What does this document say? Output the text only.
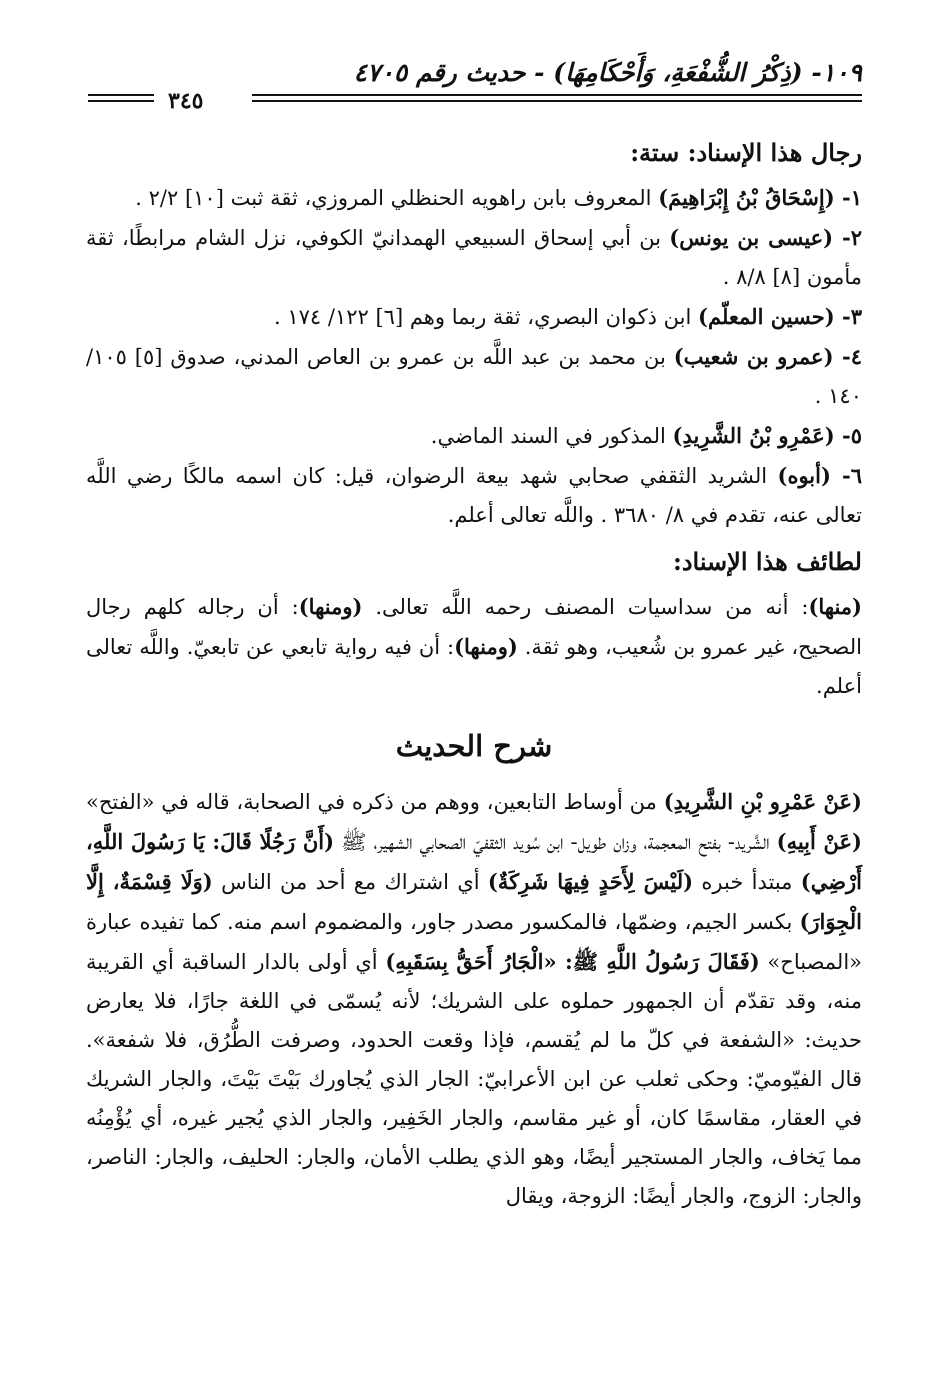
١٠٩- (ذِكْرُ الشُّفْعَةِ، وَأَحْكَامِهَا) - حديث رقم ٤٧٠٥
٣٤٥
رجال هذا الإسناد: ستة:

١- (إِسْحَاقُ بْنُ إِبْرَاهِيمَ) المعروف بابن راهويه الحنظلي المروزي، ثقة ثبت [١٠] ٢/٢ .

٢- (عيسى بن يونس) بن أبي إسحاق السبيعي الهمدانيّ الكوفي، نزل الشام مرابطًا، ثقة مأمون [٨] ٨/٨ .

٣- (حسين المعلّم) ابن ذكوان البصري، ثقة ربما وهم [٦] ١٢٢/ ١٧٤ .

٤- (عمرو بن شعيب) بن محمد بن عبد اللَّه بن عمرو بن العاص المدني، صدوق [٥] ١٠٥/ ١٤٠ .

٥- (عَمْرِو بْنُ الشَّرِيدِ) المذكور في السند الماضي.

٦- (أبوه) الشريد الثقفي صحابي شهد بيعة الرضوان، قيل: كان اسمه مالكًا رضي اللَّه تعالى عنه، تقدم في ٨/ ٣٦٨٠ . واللَّه تعالى أعلم.

لطائف هذا الإسناد:

(منها): أنه من سداسيات المصنف رحمه اللَّه تعالى. (ومنها): أن رجاله كلهم رجال الصحيح، غير عمرو بن شُعيب، وهو ثقة. (ومنها): أن فيه رواية تابعي عن تابعيّ. واللَّه تعالى أعلم.

شرح الحديث

(عَنْ عَمْرِو بْنِ الشَّرِيدِ) من أوساط التابعين، ووهم من ذكره في الصحابة، قاله في «الفتح» (عَنْ أَبِيهِ) الشَّريد- بفتح المعجمة، وزان طويل- ابن سُويد الثقفيّ الصحابي الشهير، ﷺ (أَنَّ رَجُلًا قَالَ: يَا رَسُولَ اللَّهِ، أَرْضِي) مبتدأ خبره (لَيْسَ لِأَحَدٍ فِيهَا شَرِكَةٌ) أي اشتراك مع أحد من الناس (وَلَا قِسْمَةٌ، إِلَّا الْجِوَارَ) بكسر الجيم، وضمّها، فالمكسور مصدر جاور، والمضموم اسم منه. كما تفيده عبارة «المصباح» (فَقَالَ رَسُولُ اللَّهِ ﷺ: «الْجَارُ أَحَقُّ بِسَقَبِهِ) أي أولى بالدار الساقبة أي القريبة منه، وقد تقدّم أن الجمهور حملوه على الشريك؛ لأنه يُسمّى في اللغة جارًا، فلا يعارض حديث: «الشفعة في كلّ ما لم يُقسم، فإذا وقعت الحدود، وصرفت الطُّرُق، فلا شفعة». قال الفيّوميّ: وحكى ثعلب عن ابن الأعرابيّ: الجار الذي يُجاورك بَيْتَ بَيْتَ، والجار الشريك في العقار، مقاسمًا كان، أو غير مقاسم، والجار الخَفِير، والجار الذي يُجير غيره، أي يُؤْمِنُه مما يَخاف، والجار المستجير أيضًا، وهو الذي يطلب الأمان، والجار: الحليف، والجار: الناصر، والجار: الزوج، والجار أيضًا: الزوجة، ويقال
